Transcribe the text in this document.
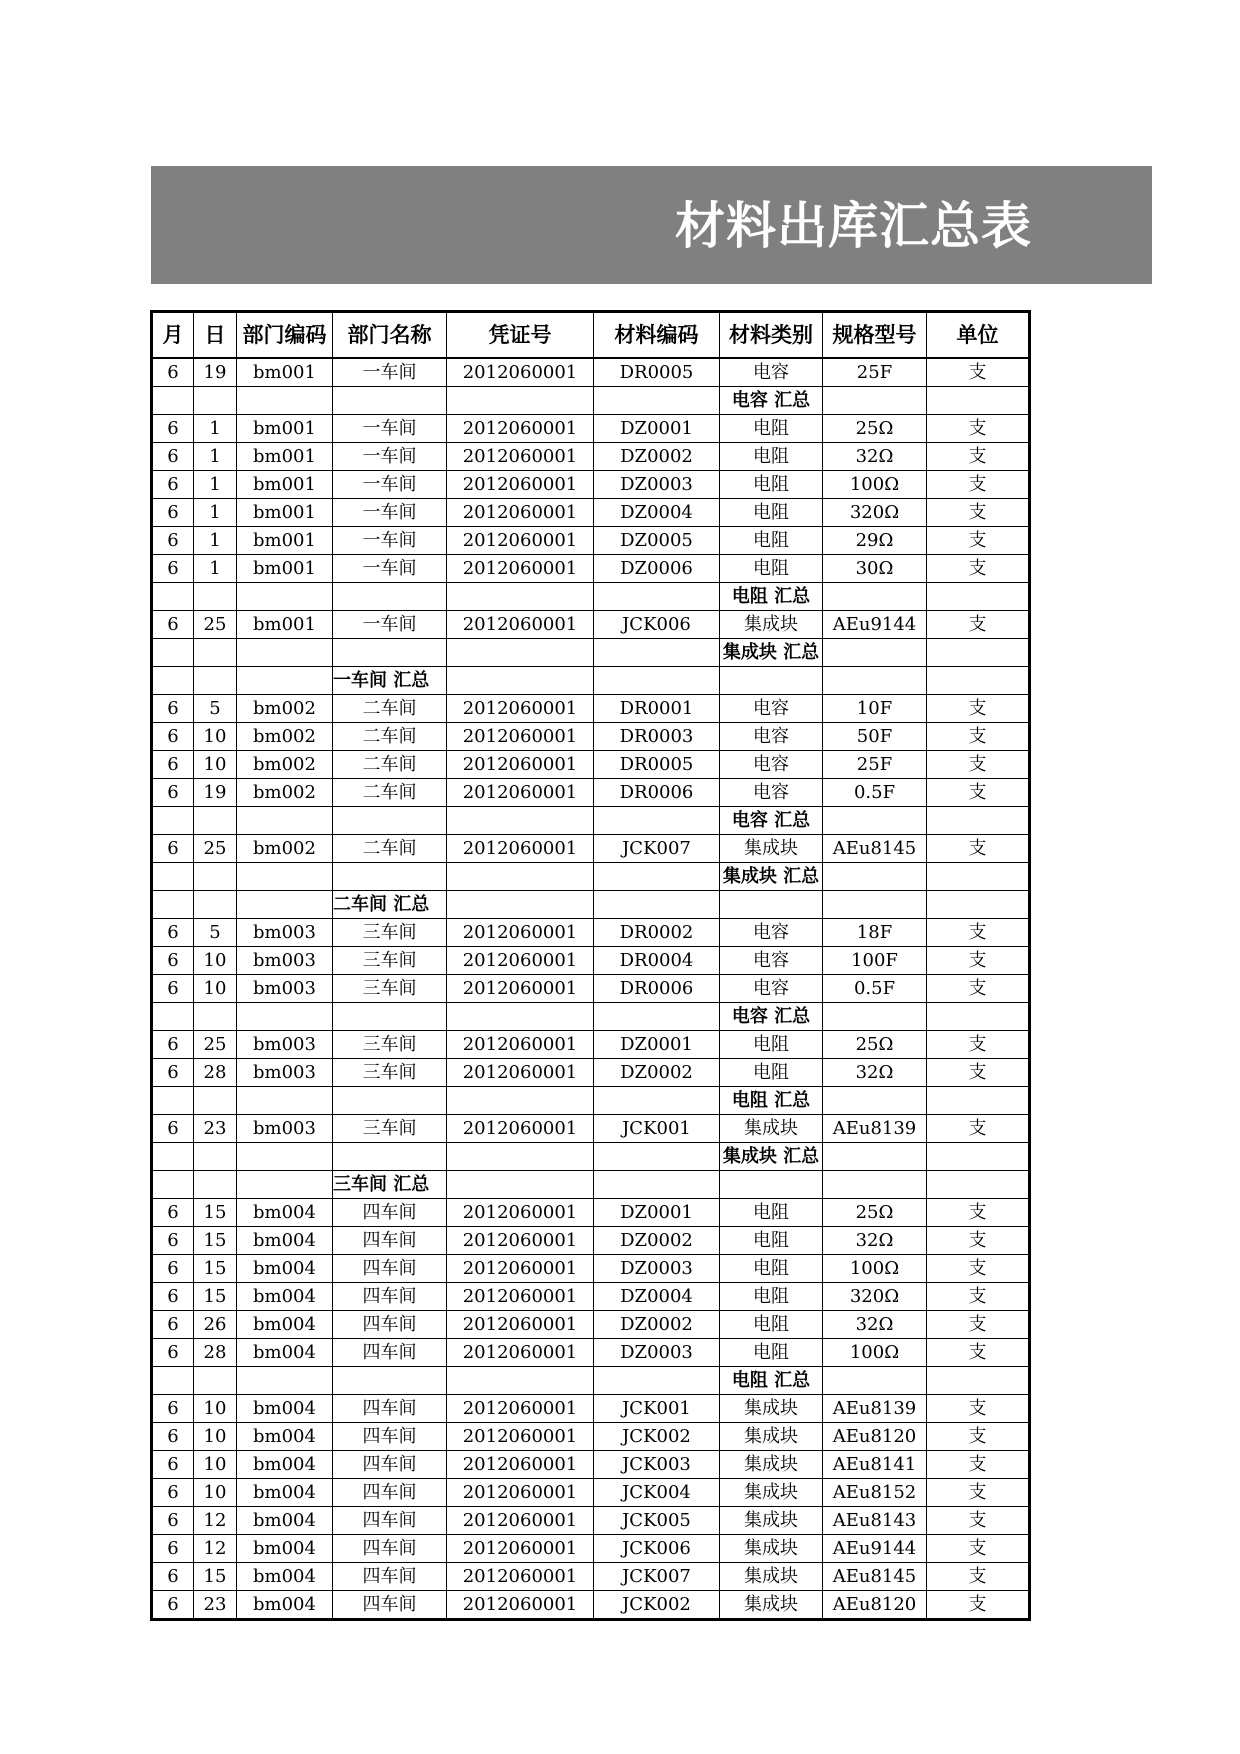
材料出库汇总表
月	日	部门编码	部门名称	凭证号	材料编码	材料类别	规格型号	单位
6	19	bm001	一车间	2012060001	DR0005	电容	25F	支
						电容 汇总		
6	1	bm001	一车间	2012060001	DZ0001	电阻	25Ω	支
6	1	bm001	一车间	2012060001	DZ0002	电阻	32Ω	支
6	1	bm001	一车间	2012060001	DZ0003	电阻	100Ω	支
6	1	bm001	一车间	2012060001	DZ0004	电阻	320Ω	支
6	1	bm001	一车间	2012060001	DZ0005	电阻	29Ω	支
6	1	bm001	一车间	2012060001	DZ0006	电阻	30Ω	支
						电阻 汇总		
6	25	bm001	一车间	2012060001	JCK006	集成块	AEu9144	支
						集成块 汇总		
			一车间 汇总					
6	5	bm002	二车间	2012060001	DR0001	电容	10F	支
6	10	bm002	二车间	2012060001	DR0003	电容	50F	支
6	10	bm002	二车间	2012060001	DR0005	电容	25F	支
6	19	bm002	二车间	2012060001	DR0006	电容	0.5F	支
						电容 汇总		
6	25	bm002	二车间	2012060001	JCK007	集成块	AEu8145	支
						集成块 汇总		
			二车间 汇总					
6	5	bm003	三车间	2012060001	DR0002	电容	18F	支
6	10	bm003	三车间	2012060001	DR0004	电容	100F	支
6	10	bm003	三车间	2012060001	DR0006	电容	0.5F	支
						电容 汇总		
6	25	bm003	三车间	2012060001	DZ0001	电阻	25Ω	支
6	28	bm003	三车间	2012060001	DZ0002	电阻	32Ω	支
						电阻 汇总		
6	23	bm003	三车间	2012060001	JCK001	集成块	AEu8139	支
						集成块 汇总		
			三车间 汇总					
6	15	bm004	四车间	2012060001	DZ0001	电阻	25Ω	支
6	15	bm004	四车间	2012060001	DZ0002	电阻	32Ω	支
6	15	bm004	四车间	2012060001	DZ0003	电阻	100Ω	支
6	15	bm004	四车间	2012060001	DZ0004	电阻	320Ω	支
6	26	bm004	四车间	2012060001	DZ0002	电阻	32Ω	支
6	28	bm004	四车间	2012060001	DZ0003	电阻	100Ω	支
						电阻 汇总		
6	10	bm004	四车间	2012060001	JCK001	集成块	AEu8139	支
6	10	bm004	四车间	2012060001	JCK002	集成块	AEu8120	支
6	10	bm004	四车间	2012060001	JCK003	集成块	AEu8141	支
6	10	bm004	四车间	2012060001	JCK004	集成块	AEu8152	支
6	12	bm004	四车间	2012060001	JCK005	集成块	AEu8143	支
6	12	bm004	四车间	2012060001	JCK006	集成块	AEu9144	支
6	15	bm004	四车间	2012060001	JCK007	集成块	AEu8145	支
6	23	bm004	四车间	2012060001	JCK002	集成块	AEu8120	支
